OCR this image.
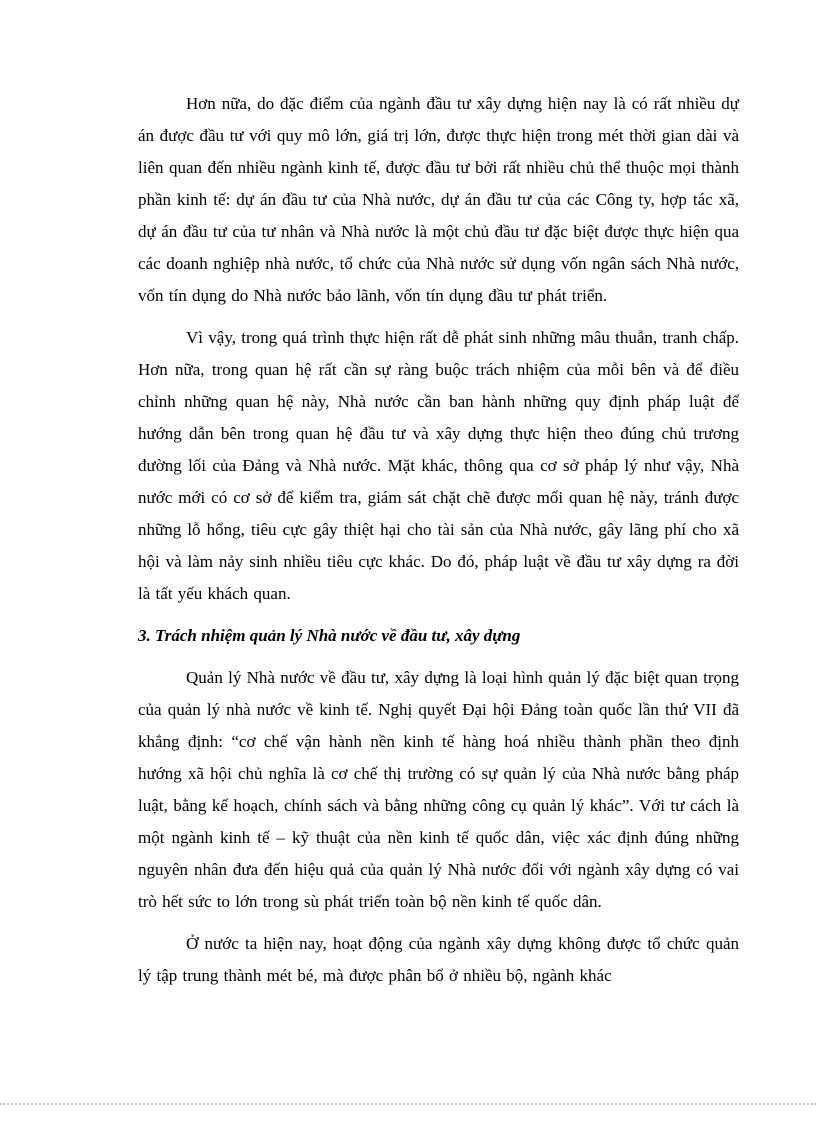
Hơn nữa, do đặc điểm của ngành đầu tư xây dựng hiện nay là có rất nhiều dự án được đầu tư với quy mô lớn, giá trị lớn, được thực hiện trong mét thời gian dài và liên quan đến nhiều ngành kinh tế, được đầu tư bởi rất nhiều chủ thể thuộc mọi thành phần kinh tế: dự án đầu tư của Nhà nước, dự án đầu tư của các Công ty, hợp tác xã, dự án đầu tư của tư nhân và Nhà nước là một chủ đầu tư đặc biệt được thực hiện qua các doanh nghiệp nhà nước, tổ chức của Nhà nước sử dụng vốn ngân sách Nhà nước, vốn tín dụng do Nhà nước bảo lãnh, vốn tín dụng đầu tư phát triển.

Vì vậy, trong quá trình thực hiện rất dễ phát sinh những mâu thuẫn, tranh chấp. Hơn nữa, trong quan hệ rất cần sự ràng buộc trách nhiệm của mỗi bên và để điều chỉnh những quan hệ này, Nhà nước cần ban hành những quy định pháp luật để hướng dẫn bên trong quan hệ đầu tư và xây dựng thực hiện theo đúng chủ trương đường lối của Đảng và Nhà nước. Mặt khác, thông qua cơ sở pháp lý như vậy, Nhà nước mới có cơ sở để kiểm tra, giám sát chặt chẽ được mối quan hệ này, tránh được những lỗ hổng, tiêu cực gây thiệt hại cho tài sản của Nhà nước, gây lãng phí cho xã hội và làm nảy sinh nhiều tiêu cực khác. Do đó, pháp luật về đầu tư xây dựng ra đời là tất yếu khách quan.

3. Trách nhiệm quản lý Nhà nước về đầu tư, xây dựng

Quản lý Nhà nước về đầu tư, xây dựng là loại hình quản lý đặc biệt quan trọng của quản lý nhà nước về kinh tế. Nghị quyết Đại hội Đảng toàn quốc lần thứ VII đã khẳng định: “cơ chế vận hành nền kinh tế hàng hoá nhiều thành phần theo định hướng xã hội chủ nghĩa là cơ chế thị trường có sự quản lý của Nhà nước bằng pháp luật, bằng kế hoạch, chính sách và bằng những công cụ quản lý khác”. Với tư cách là một ngành kinh tế – kỹ thuật của nền kinh tế quốc dân, việc xác định đúng những nguyên nhân đưa đến hiệu quả của quản lý Nhà nước đối với ngành xây dựng có vai trò hết sức to lớn trong sù phát triển toàn bộ nền kinh tế quốc dân.

Ở nước ta hiện nay, hoạt động của ngành xây dựng không được tổ chức quản lý tập trung thành mét bé, mà được phân bổ ở nhiều bộ, ngành khác
